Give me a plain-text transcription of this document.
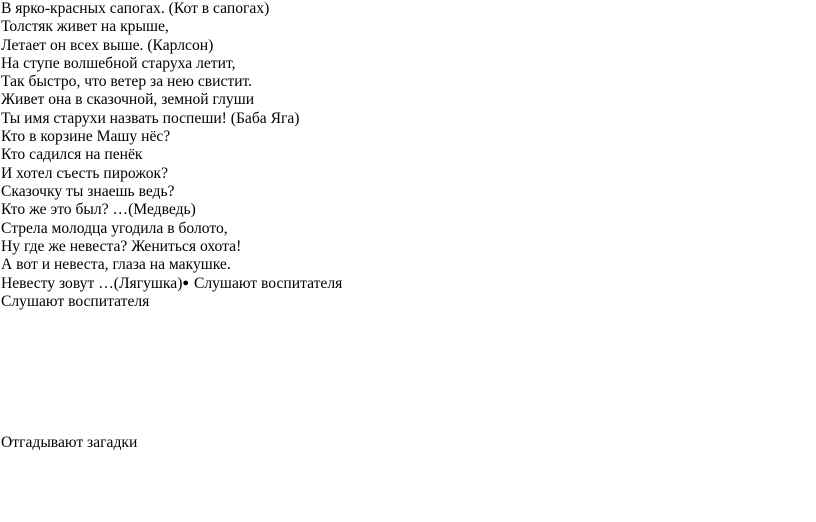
В ярко-красных сапогах. (Кот в сапогах)
Толстяк живет на крыше,
Летает он всех выше. (Карлсон)
На ступе волшебной старуха летит,
Так быстро, что ветер за нею свистит.
Живет она в сказочной, земной глуши
Ты имя старухи назвать поспеши! (Баба Яга)
Кто в корзине Машу нёс?
Кто садился на пенёк
И хотел съесть пирожок?
Сказочку ты знаешь ведь?
Кто же это был? …(Медведь)
Стрела молодца угодила в болото,
Ну где же невеста? Жениться охота!
А вот и невеста, глаза на макушке.
Невесту зовут …(Лягушка)● Слушают воспитателя
Слушают воспитателя
Отгадывают загадки
